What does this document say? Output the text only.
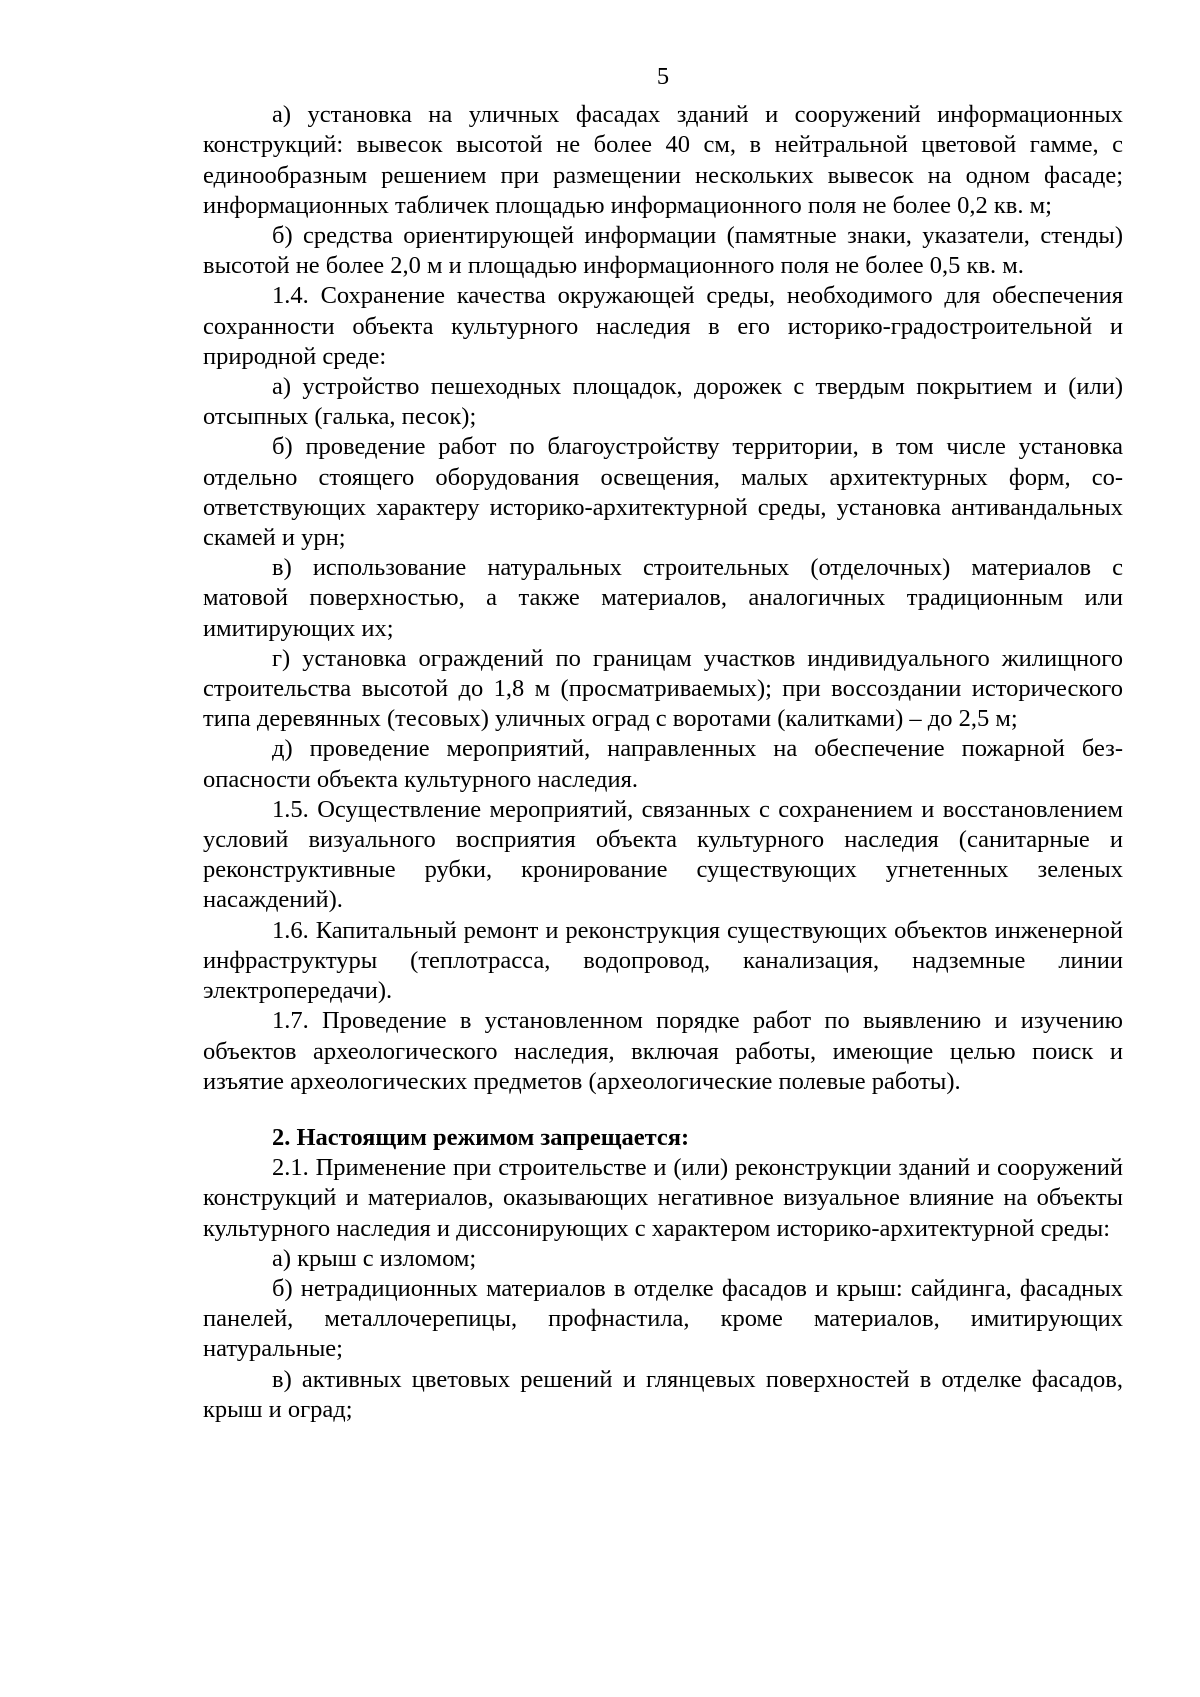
5

а) установка на уличных фасадах зданий и сооружений информационных конструкций: вывесок высотой не более 40 см, в нейтральной цветовой гамме, с единообразным решением при размещении нескольких вывесок на одном фасаде; информационных табличек площадью информационного поля не более 0,2 кв. м;

б) средства ориентирующей информации (памятные знаки, указатели, стенды) высотой не более 2,0 м и площадью информационного поля не более 0,5 кв. м.

1.4. Сохранение качества окружающей среды, необходимого для обеспечения сохранности объекта культурного наследия в его историко-градостроительной и природной среде:

а) устройство пешеходных площадок, дорожек с твердым покрытием и (или) отсыпных (галька, песок);

б) проведение работ по благоустройству территории, в том числе установка отдельно стоящего оборудования освещения, малых архитектурных форм, соответствующих характеру историко-архитектурной среды, установка антивандальных скамей и урн;

в) использование натуральных строительных (отделочных) материалов с матовой поверхностью, а также материалов, аналогичных традиционным или имитирующих их;

г) установка ограждений по границам участков индивидуального жилищного строительства высотой до 1,8 м (просматриваемых); при воссоздании исторического типа деревянных (тесовых) уличных оград с воротами (калитками) – до 2,5 м;

д) проведение мероприятий, направленных на обеспечение пожарной безопасности объекта культурного наследия.

1.5. Осуществление мероприятий, связанных с сохранением и восстановлением условий визуального восприятия объекта культурного наследия (санитарные и реконструктивные рубки, кронирование существующих угнетенных зеленых насаждений).

1.6. Капитальный ремонт и реконструкция существующих объектов инженерной инфраструктуры (теплотрасса, водопровод, канализация, надземные линии электропередачи).

1.7. Проведение в установленном порядке работ по выявлению и изучению объектов археологического наследия, включая работы, имеющие целью поиск и изъятие археологических предметов (археологические полевые работы).

2. Настоящим режимом запрещается:

2.1. Применение при строительстве и (или) реконструкции зданий и сооружений конструкций и материалов, оказывающих негативное визуальное влияние на объекты культурного наследия и диссонирующих с характером историко-архитектурной среды:

а) крыш с изломом;

б) нетрадиционных материалов в отделке фасадов и крыш: сайдинга, фасадных панелей, металлочерепицы, профнастила, кроме материалов, имитирующих натуральные;

в) активных цветовых решений и глянцевых поверхностей в отделке фасадов, крыш и оград;
